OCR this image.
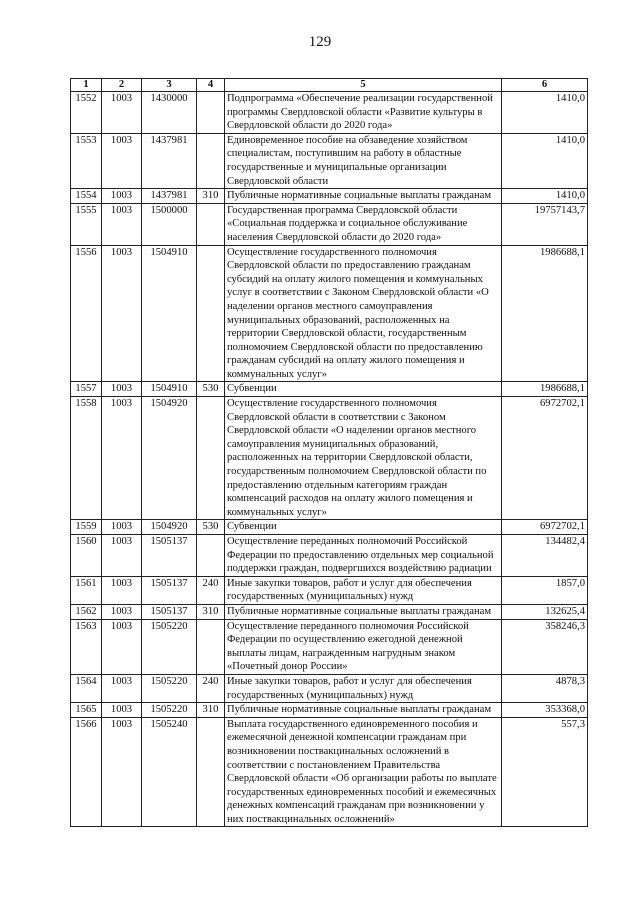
129
1	2	3	4	5	6
1552	1003	1430000		Подпрограмма «Обеспечение реализации государственной программы Свердловской области «Развитие культуры в Свердловской области до 2020 года»	1410,0
1553	1003	1437981		Единовременное пособие на обзаведение хозяйством специалистам, поступившим на работу в областные государственные и муниципальные организации Свердловской области	1410,0
1554	1003	1437981	310	Публичные нормативные социальные выплаты гражданам	1410,0
1555	1003	1500000		Государственная программа Свердловской области «Социальная поддержка и социальное обслуживание населения Свердловской области до 2020 года»	19757143,7
1556	1003	1504910		Осуществление государственного полномочия Свердловской области по предоставлению гражданам субсидий на оплату жилого помещения и коммунальных услуг в соответствии с Законом Свердловской области «О наделении органов местного самоуправления муниципальных образований, расположенных на территории Свердловской области, государственным полномочием Свердловской области по предоставлению гражданам субсидий на оплату жилого помещения и коммунальных услуг»	1986688,1
1557	1003	1504910	530	Субвенции	1986688,1
1558	1003	1504920		Осуществление государственного полномочия Свердловской области в соответствии с Законом Свердловской области «О наделении органов местного самоуправления муниципальных образований, расположенных на территории Свердловской области, государственным полномочием Свердловской области по предоставлению отдельным категориям граждан компенсаций расходов на оплату жилого помещения и коммунальных услуг»	6972702,1
1559	1003	1504920	530	Субвенции	6972702,1
1560	1003	1505137		Осуществление переданных полномочий Российской Федерации по предоставлению отдельных мер социальной поддержки граждан, подвергшихся воздействию радиации	134482,4
1561	1003	1505137	240	Иные закупки товаров, работ и услуг для обеспечения государственных (муниципальных) нужд	1857,0
1562	1003	1505137	310	Публичные нормативные социальные выплаты гражданам	132625,4
1563	1003	1505220		Осуществление переданного полномочия Российской Федерации по осуществлению ежегодной денежной выплаты лицам, награжденным нагрудным знаком «Почетный донор России»	358246,3
1564	1003	1505220	240	Иные закупки товаров, работ и услуг для обеспечения государственных (муниципальных) нужд	4878,3
1565	1003	1505220	310	Публичные нормативные социальные выплаты гражданам	353368,0
1566	1003	1505240		Выплата государственного единовременного пособия и ежемесячной денежной компенсации гражданам при возникновении поствакцинальных осложнений в соответствии с постановлением Правительства Свердловской области «Об организации работы по выплате государственных единовременных пособий и ежемесячных денежных компенсаций гражданам при возникновении у них поствакцинальных осложнений»	557,3
